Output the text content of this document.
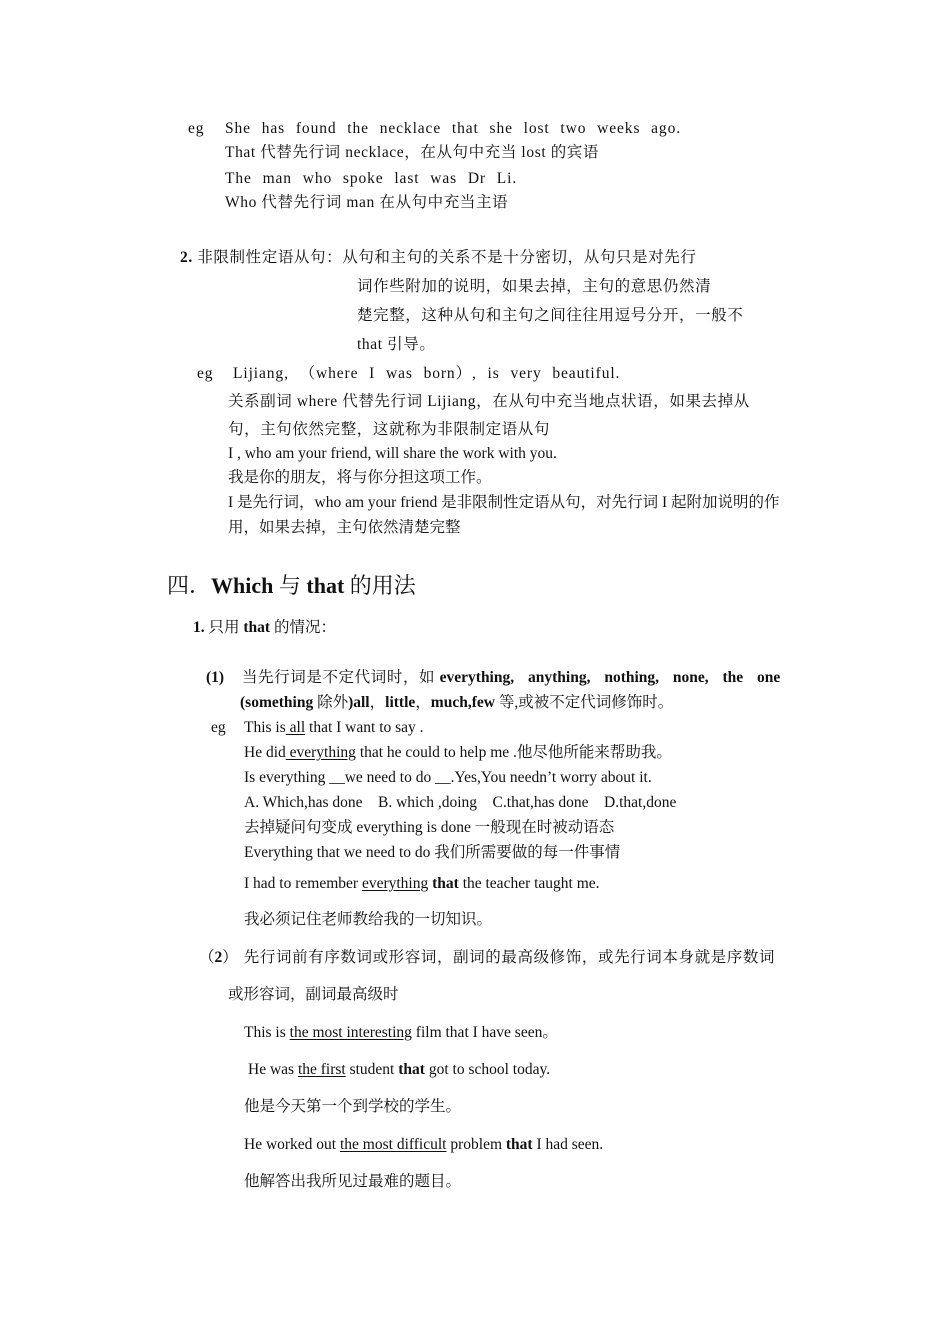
eg She has found the necklace that she lost two weeks ago.
That 代替先行词 necklace，在从句中充当 lost 的宾语
The man who spoke last was Dr Li.
Who 代替先行词 man 在从句中充当主语
2. 非限制性定语从句：从句和主句的关系不是十分密切，从句只是对先行
词作些附加的说明，如果去掉，主句的意思仍然清
楚完整，这种从句和主句之间往往用逗号分开，一般不
that 引导。
eg Lijiang, （where I was born）, is very beautiful.
关系副词 where 代替先行词 Lijiang，在从句中充当地点状语，如果去掉从
句，主句依然完整，这就称为非限制定语从句
I , who am your friend, will share the work with you.
我是你的朋友，将与你分担这项工作。
I 是先行词，who am your friend 是非限制性定语从句，对先行词 I 起附加说明的作
用，如果去掉，主句依然清楚完整
四．Which 与 that 的用法
1. 只用 that 的情况：
(1) 当先行词是不定代词时，如 everything, anything, nothing, none, the one
(something 除外)all，little，much,few 等,或被不定代词修饰时。
eg This is all that I want to say .
He did everything that he could to help me .他尽他所能来帮助我。
Is everything __we need to do __.Yes,You needn’t worry about it.
A. Which,has done    B. which ,doing    C.that,has done    D.that,done
去掉疑问句变成 everything is done 一般现在时被动语态
Everything that we need to do 我们所需要做的每一件事情
I had to remember everything that the teacher taught me.
我必须记住老师教给我的一切知识。
（2） 先行词前有序数词或形容词，副词的最高级修饰，或先行词本身就是序数词
或形容词，副词最高级时
This is the most interesting film that I have seen。
He was the first student that got to school today.
他是今天第一个到学校的学生。
He worked out the most difficult problem that I had seen.
他解答出我所见过最难的题目。
